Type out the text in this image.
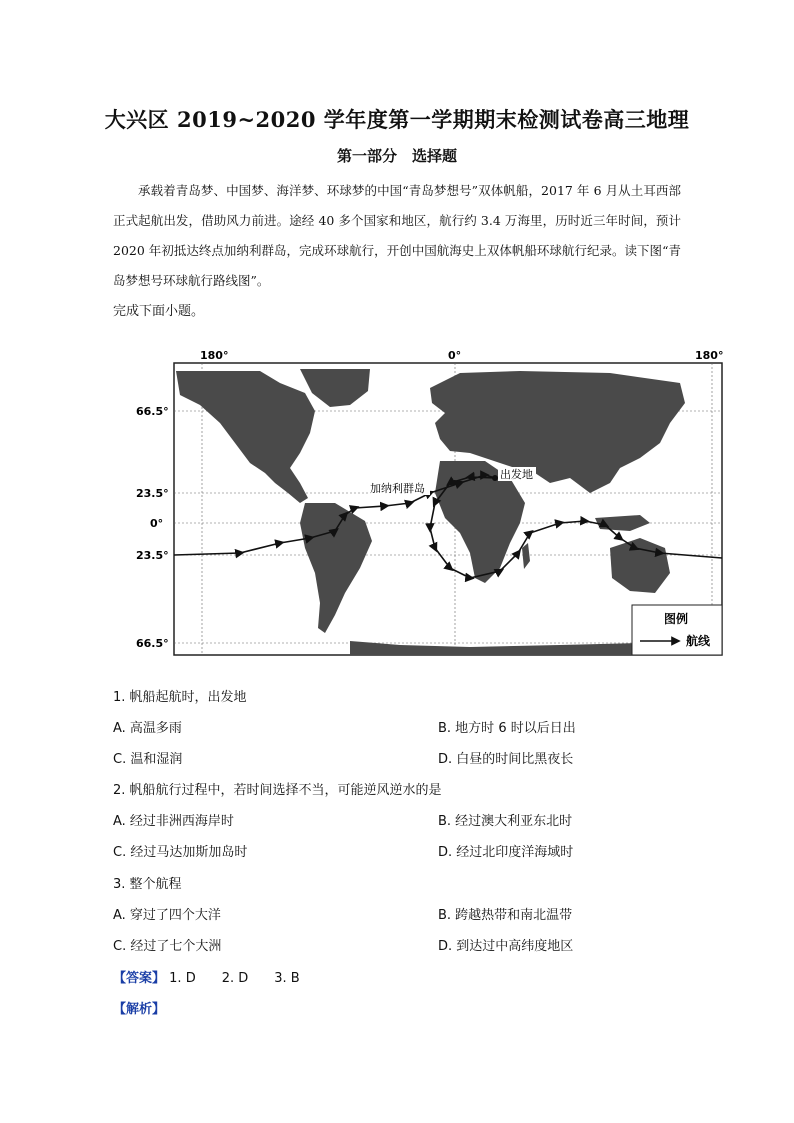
大兴区 2019~2020 学年度第一学期期末检测试卷高三地理
第一部分　选择题

承载着青岛梦、中国梦、海洋梦、环球梦的中国“青岛梦想号”双体帆船，2017 年 6 月从土耳西部正式起航出发，借助风力前进。途经 40 多个国家和地区，航行约 3.4 万海里，历时近三年时间，预计 2020 年初抵达终点加纳利群岛，完成环球航行，开创中国航海史上双体帆船环球航行纪录。读下图“青岛梦想号环球航行路线图”。

完成下面小题。
180°	0°	180°
66.5°
23.5°
0°
23.5°
66.5°
加纳利群岛
出发地
图例
航线
1. 帆船起航时，出发地
A. 高温多雨	B. 地方时 6 时以后日出
C. 温和湿润	D. 白昼的时间比黑夜长
2. 帆船航行过程中，若时间选择不当，可能逆风逆水的是
A. 经过非洲西海岸时	B. 经过澳大利亚东北时
C. 经过马达加斯加岛时	D. 经过北印度洋海域时
3. 整个航程
A. 穿过了四个大洋	B. 跨越热带和南北温带
C. 经过了七个大洲	D. 到达过中高纬度地区
【答案】 1. D　　2. D　　3. B
【解析】
